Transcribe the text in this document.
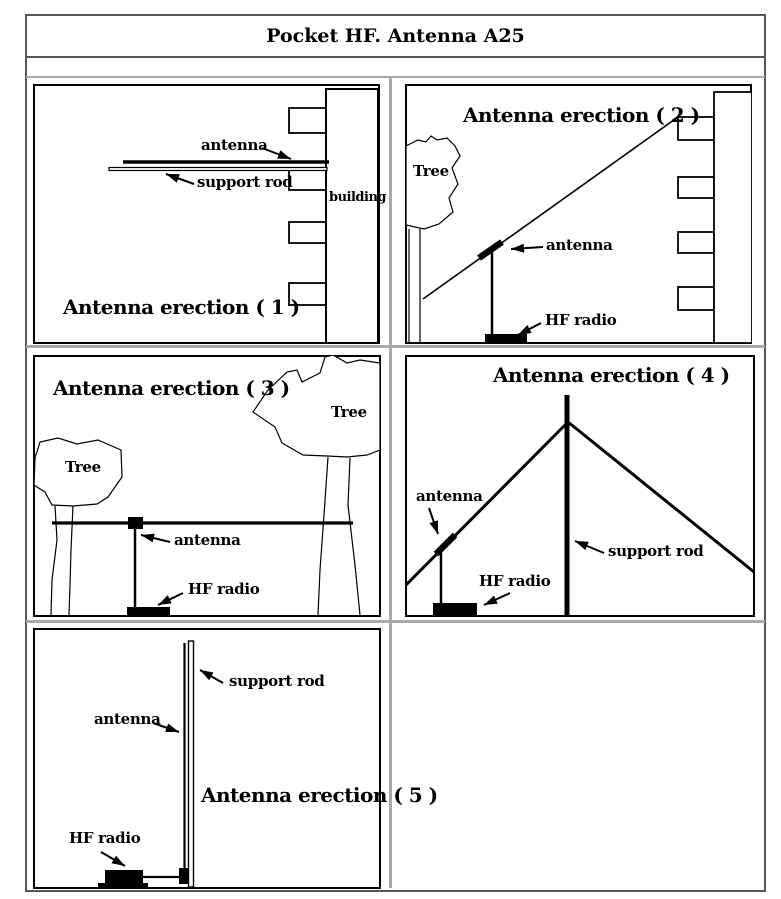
Pocket HF. Antenna A25
antenna
support rod
building
Antenna erection ( 1 )
Antenna erection ( 2 )
Tree
antenna
HF radio
Antenna erection ( 3 )
Tree
Tree
antenna
HF radio
Antenna erection ( 4 )
antenna
support rod
HF radio
support rod
antenna
HF radio
Antenna erection ( 5 )
